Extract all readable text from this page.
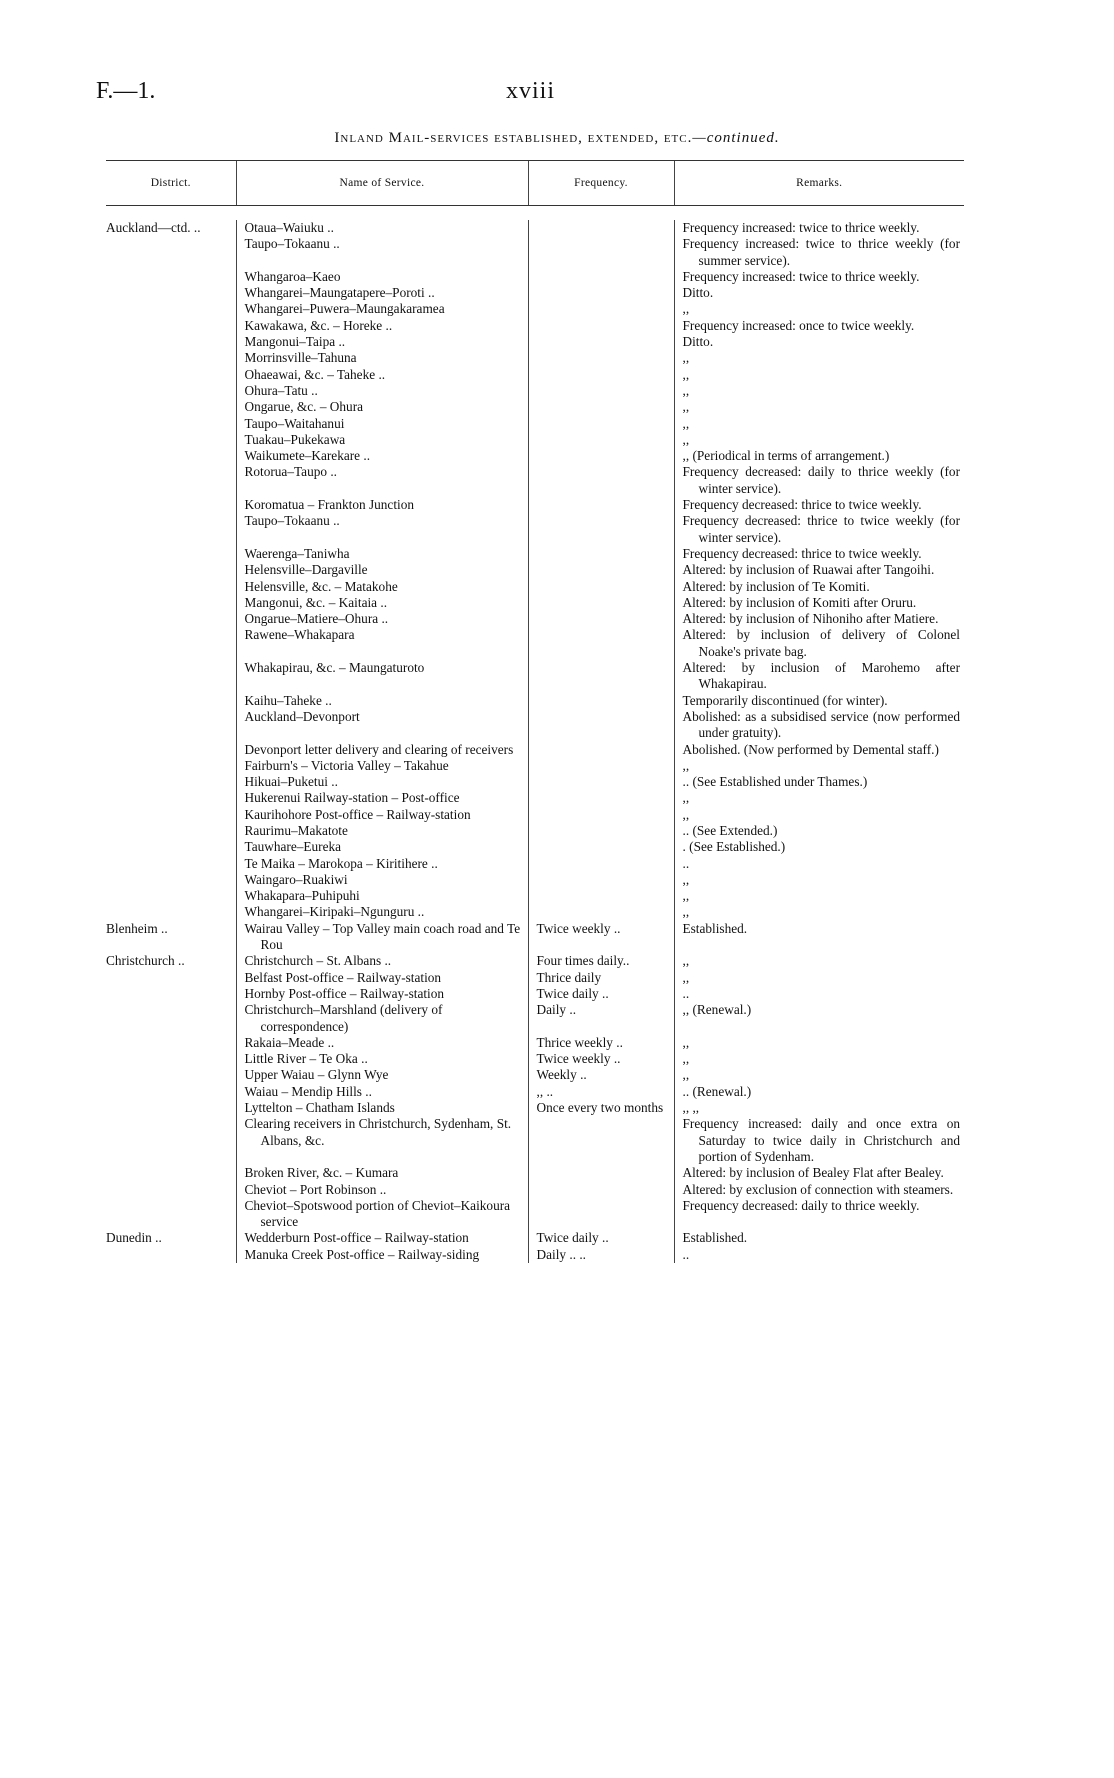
F.—1.	xviii
Inland Mail-services established, extended, etc.—continued.
District.	Name of Service.	Frequency.	Remarks.

Auckland—ctd. ..	Otaua–Waiuku ..		Frequency increased: twice to thrice weekly.

	Taupo–Tokaanu ..		Frequency increased: twice to thrice weekly (for summer service).

	Whangaroa–Kaeo		Frequency increased: twice to thrice weekly.

	Whangarei–Maungatapere–Poroti ..		Ditto.

	Whangarei–Puwera–Maungakaramea		,,

	Kawakawa, &c. – Horeke ..		Frequency increased: once to twice weekly.

	Mangonui–Taipa ..		Ditto.

	Morrinsville–Tahuna		,,

	Ohaeawai, &c. – Taheke ..		,,

	Ohura–Tatu ..		,,

	Ongarue, &c. – Ohura		,,

	Taupo–Waitahanui		,,

	Tuakau–Pukekawa		,,

	Waikumete–Karekare ..		,, (Periodical in terms of arrangement.)

	Rotorua–Taupo ..		Frequency decreased: daily to thrice weekly (for winter service).

	Koromatua – Frankton Junction		Frequency decreased: thrice to twice weekly.

	Taupo–Tokaanu ..		Frequency decreased: thrice to twice weekly (for winter service).

	Waerenga–Taniwha		Frequency decreased: thrice to twice weekly.

	Helensville–Dargaville		Altered: by inclusion of Ruawai after Tangoihi.

	Helensville, &c. – Matakohe		Altered: by inclusion of Te Komiti.

	Mangonui, &c. – Kaitaia ..		Altered: by inclusion of Komiti after Oruru.

	Ongarue–Matiere–Ohura ..		Altered: by inclusion of Nihoniho after Matiere.

	Rawene–Whakapara		Altered: by inclusion of delivery of Colonel Noake's private bag.

	Whakapirau, &c. – Maungaturoto		Altered: by inclusion of Marohemo after Whakapirau.

	Kaihu–Taheke ..		Temporarily discontinued (for winter).

	Auckland–Devonport		Abolished: as a subsidised service (now performed under gratuity).

	Devonport letter delivery and clearing of receivers		Abolished. (Now performed by Demental staff.)

	Fairburn's – Victoria Valley – Takahue		,,

	Hikuai–Puketui ..		.. (See Established under Thames.)

	Hukerenui Railway-station – Post-office		,,

	Kaurihohore Post-office – Railway-station		,,

	Raurimu–Makatote		.. (See Extended.)

	Tauwhare–Eureka		. (See Established.)

	Te Maika – Marokopa – Kiritihere ..		..

	Waingaro–Ruakiwi		,,

	Whakapara–Puhipuhi		,,

	Whangarei–Kiripaki–Ngunguru ..		,,

Blenheim ..	Wairau Valley – Top Valley main coach road and Te Rou	Twice weekly ..	Established.

Christchurch ..	Christchurch – St. Albans ..	Four times daily..	,,

	Belfast Post-office – Railway-station	Thrice daily	,,

	Hornby Post-office – Railway-station	Twice daily ..	..

	Christchurch–Marshland (delivery of correspondence)	Daily ..	,, (Renewal.)

	Rakaia–Meade ..	Thrice weekly ..	,,

	Little River – Te Oka ..	Twice weekly ..	,,

	Upper Waiau – Glynn Wye	Weekly ..	,,

	Waiau – Mendip Hills ..	,, ..	.. (Renewal.)

	Lyttelton – Chatham Islands	Once every two months	,, ,,

	Clearing receivers in Christchurch, Sydenham, St. Albans, &c.		Frequency increased: daily and once extra on Saturday to twice daily in Christchurch and portion of Sydenham.

	Broken River, &c. – Kumara		Altered: by inclusion of Bealey Flat after Bealey.

	Cheviot – Port Robinson ..		Altered: by exclusion of connection with steamers.

	Cheviot–Spotswood portion of Cheviot–Kaikoura service		Frequency decreased: daily to thrice weekly.

Dunedin ..	Wedderburn Post-office – Railway-station	Twice daily ..	Established.

	Manuka Creek Post-office – Railway-siding	Daily .. ..	..
